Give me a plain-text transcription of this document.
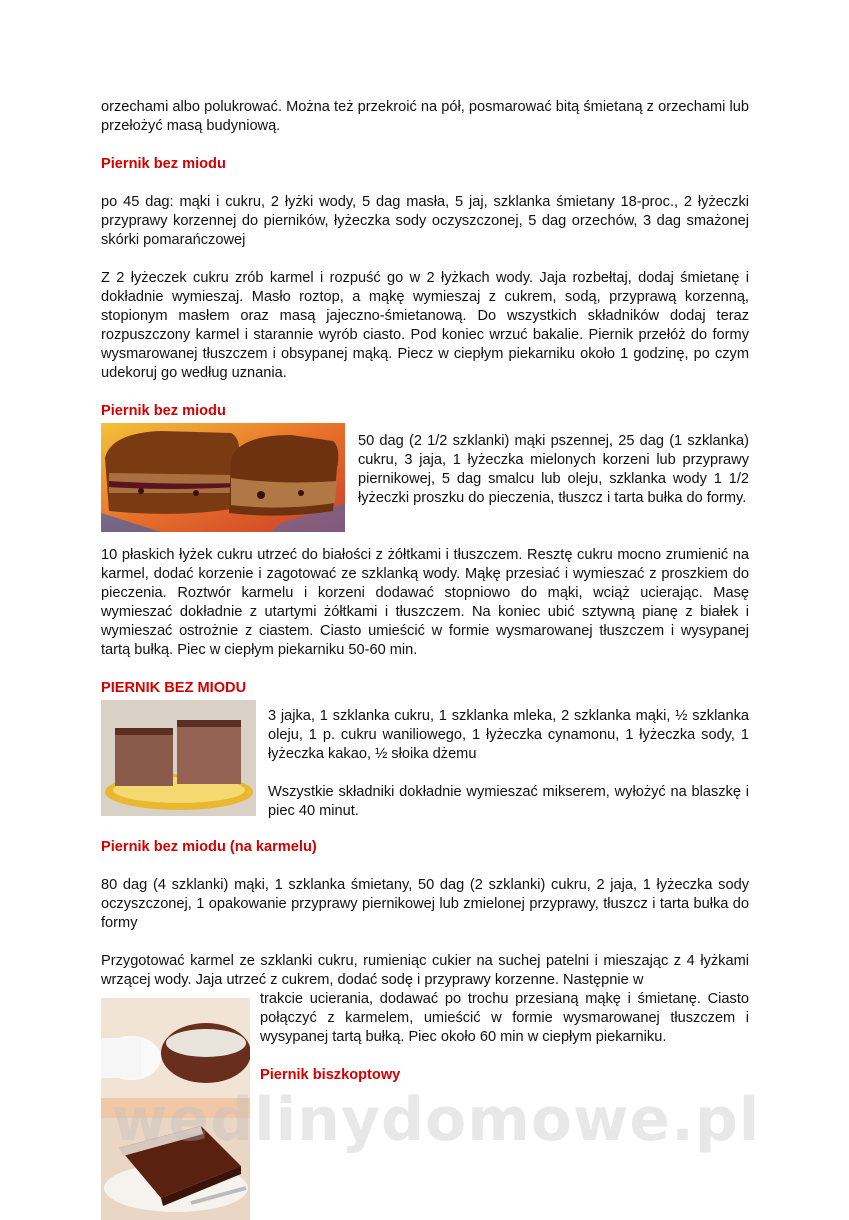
orzechami albo polukrować. Można też przekroić na pół, posmarować bitą śmietaną z orzechami lub przełożyć masą budyniową.

Piernik bez miodu

po 45 dag: mąki i cukru, 2 łyżki wody, 5 dag masła, 5 jaj, szklanka śmietany 18-proc., 2 łyżeczki przyprawy korzennej do pierników, łyżeczka sody oczyszczonej, 5 dag orzechów, 3 dag smażonej skórki pomarańczowej

Z 2 łyżeczek cukru zrób karmel i rozpuść go w 2 łyżkach wody. Jaja rozbełtaj, dodaj śmietanę i dokładnie wymieszaj. Masło roztop, a mąkę wymieszaj z cukrem, sodą, przyprawą korzenną, stopionym masłem oraz masą jajeczno-śmietanową. Do wszystkich składników dodaj teraz rozpuszczony karmel i starannie wyrób ciasto. Pod koniec wrzuć bakalie. Piernik przełóż do formy wysmarowanej tłuszczem i obsypanej mąką. Piecz w ciepłym piekarniku około 1 godzinę, po czym udekoruj go według uznania.

Piernik bez miodu

50 dag (2 1/2 szklanki) mąki pszennej, 25 dag (1 szklanka) cukru, 3 jaja, 1 łyżeczka mielonych korzeni lub przyprawy piernikowej, 5 dag smalcu lub oleju, szklanka wody 1 1/2 łyżeczki proszku do pieczenia, tłuszcz i tarta bułka do formy.

10 płaskich łyżek cukru utrzeć do białości z żółtkami i tłuszczem. Resztę cukru mocno zrumienić na karmel, dodać korzenie i zagotować ze szklanką wody. Mąkę przesiać i wymieszać z proszkiem do pieczenia. Roztwór karmelu i korzeni dodawać stopniowo do mąki, wciąż ucierając. Masę wymieszać dokładnie z utartymi żółtkami i tłuszczem. Na koniec ubić sztywną pianę z białek i wymieszać ostrożnie z ciastem. Ciasto umieścić w formie wysmarowanej tłuszczem i wysypanej tartą bułką. Piec w ciepłym piekarniku 50-60 min.

PIERNIK BEZ MIODU

3 jajka, 1 szklanka cukru, 1 szklanka mleka, 2 szklanka mąki, ½ szklanka oleju, 1 p. cukru waniliowego, 1 łyżeczka cynamonu, 1 łyżeczka sody, 1 łyżeczka kakao, ½ słoika dżemu

Wszystkie składniki dokładnie wymieszać mikserem, wyłożyć na blaszkę i piec 40 minut.

Piernik bez miodu (na karmelu)

80 dag (4 szklanki) mąki, 1 szklanka śmietany, 50 dag (2 szklanki) cukru, 2 jaja, 1 łyżeczka sody oczyszczonej, 1 opakowanie przyprawy piernikowej lub zmielonej przyprawy, tłuszcz i tarta bułka do formy

Przygotować karmel ze szklanki cukru, rumieniąc cukier na suchej patelni i mieszając z 4 łyżkami wrzącej wody. Jaja utrzeć z cukrem, dodać sodę i przyprawy korzenne. Następnie w

trakcie ucierania, dodawać po trochu przesianą mąkę i śmietanę. Ciasto połączyć z karmelem, umieścić w formie wysmarowanej tłuszczem i wysypanej tartą bułką. Piec około 60 min w ciepłym piekarniku.

Piernik biszkoptowy
wedlinydomowe.pl
